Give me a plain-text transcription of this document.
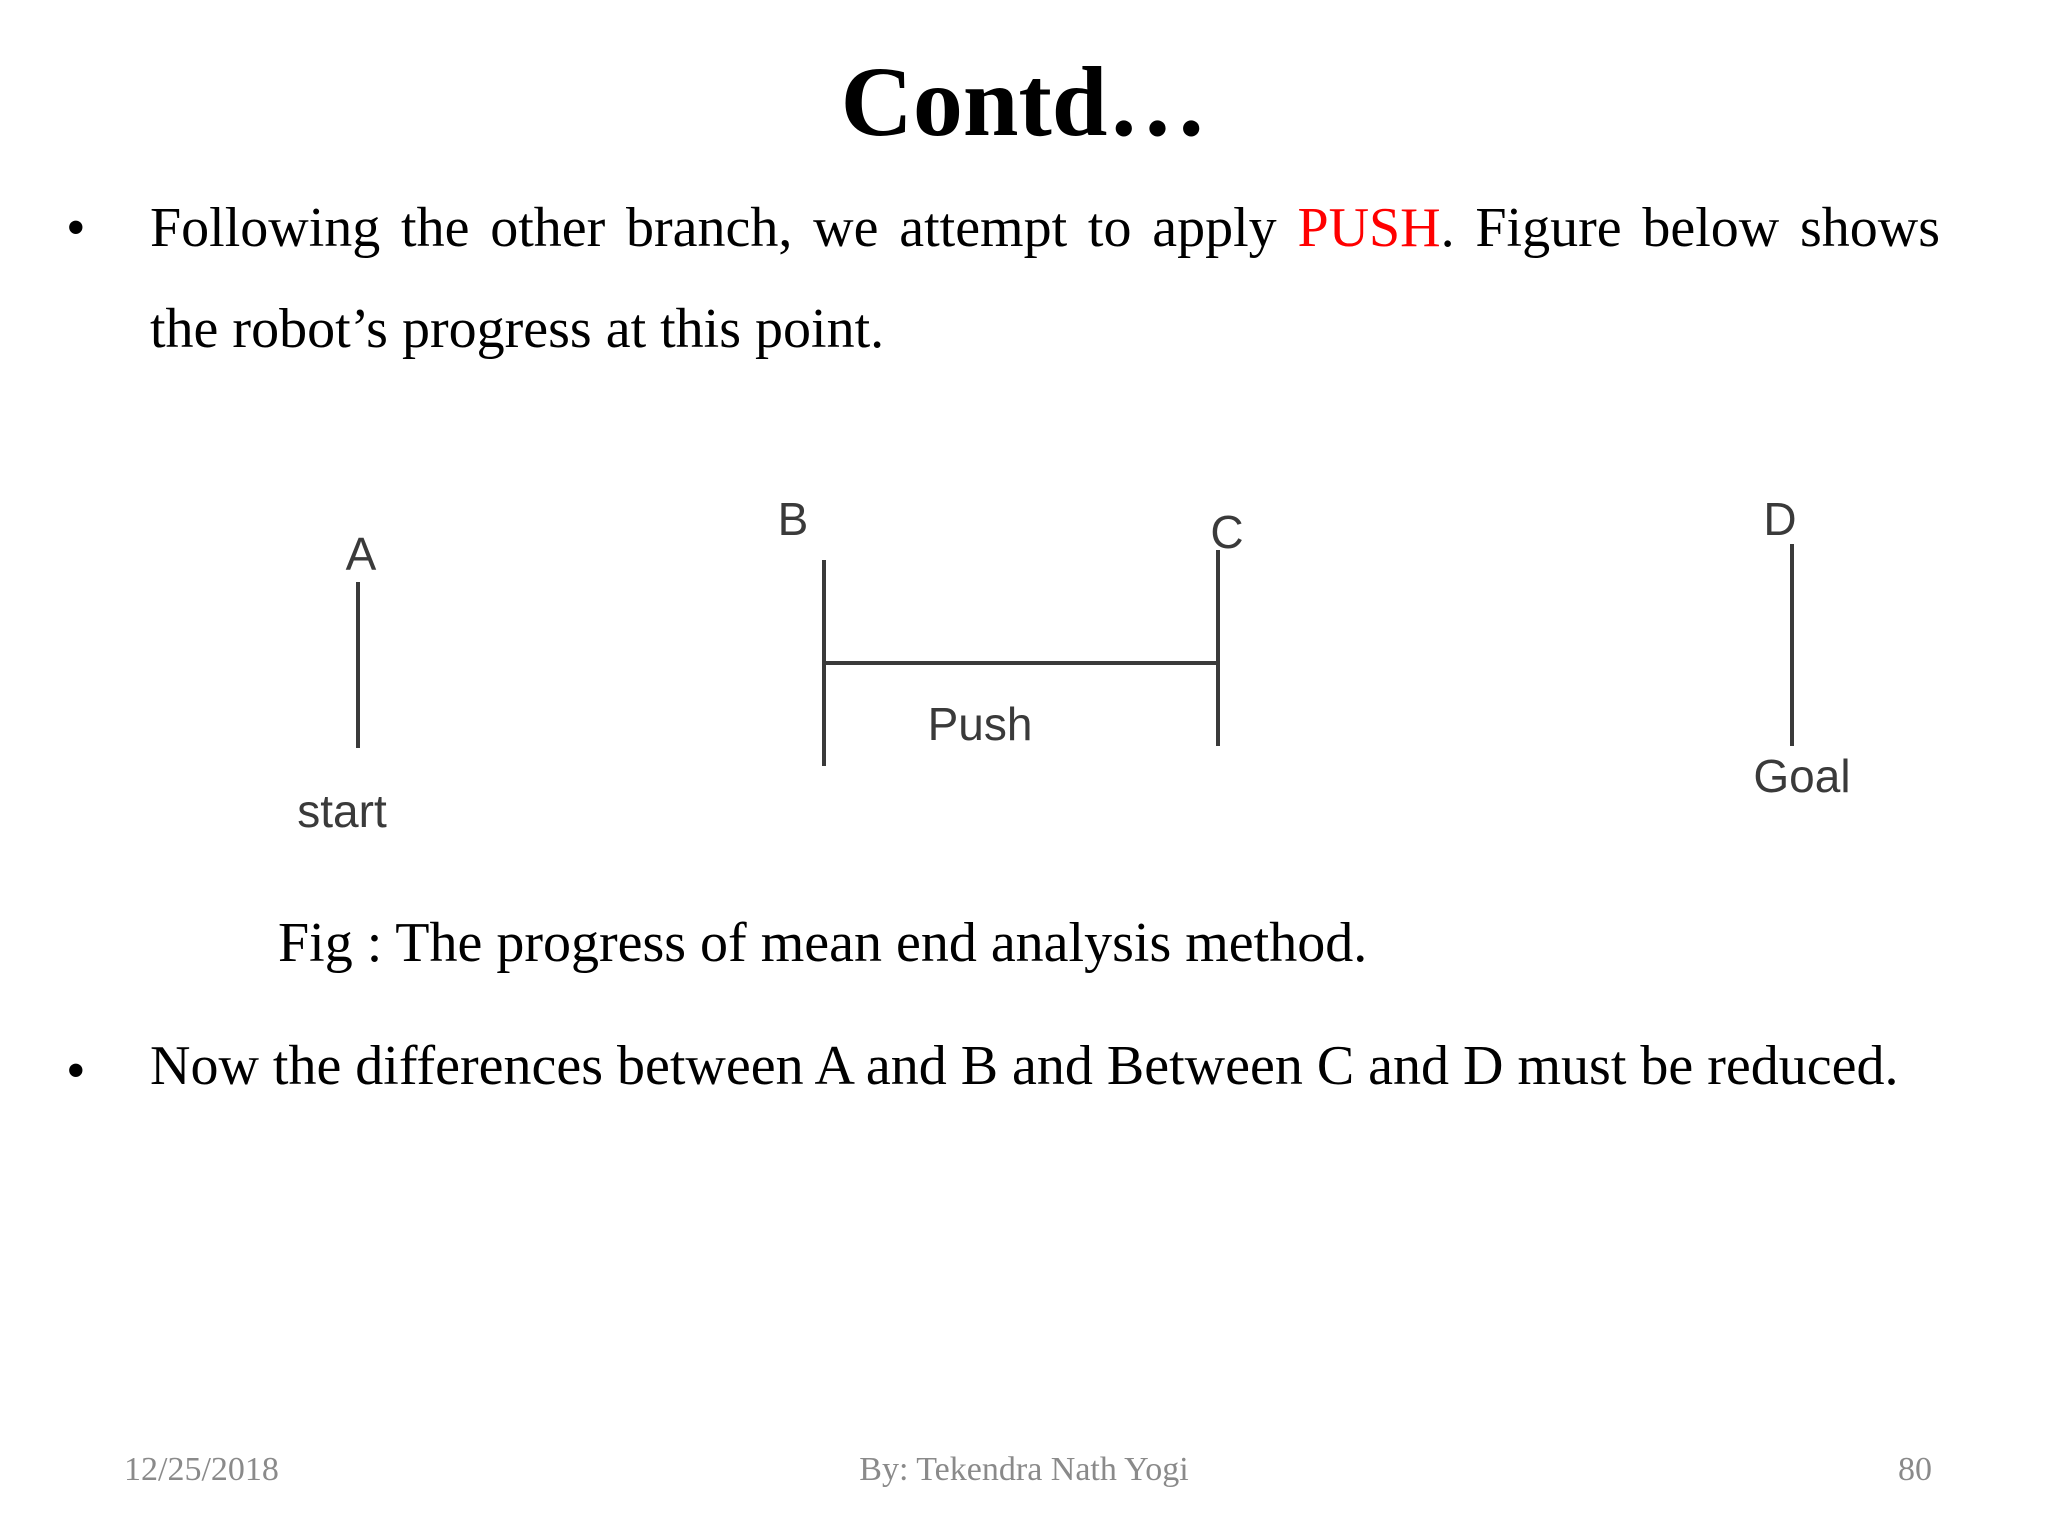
Contd…
• Following the other branch, we attempt to apply PUSH. Figure below shows the robot’s progress at this point.
A
start
B	C
Push
D
Goal
Fig : The progress of mean end analysis method.
• Now the differences between A and B and Between C and D must be reduced.
12/25/2018	By: Tekendra Nath Yogi	80
